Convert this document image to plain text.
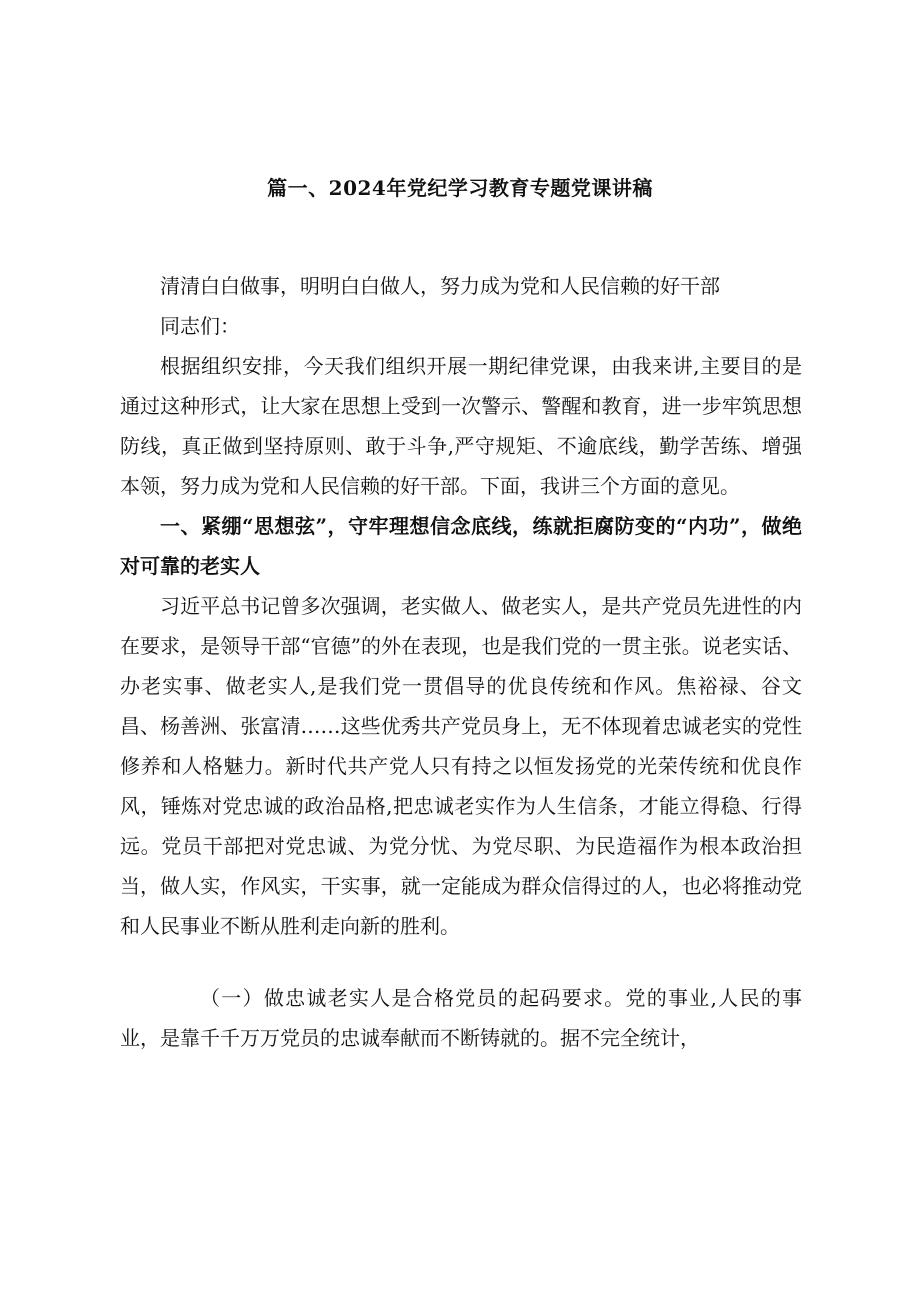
篇一、2024年党纪学习教育专题党课讲稿

清清白白做事，明明白白做人，努力成为党和人民信赖的好干部

同志们：

根据组织安排，今天我们组织开展一期纪律党课，由我来讲,主要目的是通过这种形式，让大家在思想上受到一次警示、警醒和教育，进一步牢筑思想防线，真正做到坚持原则、敢于斗争,严守规矩、不逾底线，勤学苦练、增强本领，努力成为党和人民信赖的好干部。下面，我讲三个方面的意见。

一、紧绷“思想弦”，守牢理想信念底线，练就拒腐防变的“内功”，做绝对可靠的老实人

习近平总书记曾多次强调，老实做人、做老实人，是共产党员先进性的内在要求，是领导干部“官德”的外在表现，也是我们党的一贯主张。说老实话、办老实事、做老实人,是我们党一贯倡导的优良传统和作风。焦裕禄、谷文昌、杨善洲、张富清……这些优秀共产党员身上，无不体现着忠诚老实的党性修养和人格魅力。新时代共产党人只有持之以恒发扬党的光荣传统和优良作风，锤炼对党忠诚的政治品格,把忠诚老实作为人生信条，才能立得稳、行得远。党员干部把对党忠诚、为党分忧、为党尽职、为民造福作为根本政治担当，做人实，作风实，干实事，就一定能成为群众信得过的人，也必将推动党和人民事业不断从胜利走向新的胜利。

（一）做忠诚老实人是合格党员的起码要求。党的事业,人民的事业，是靠千千万万党员的忠诚奉献而不断铸就的。据不完全统计，
